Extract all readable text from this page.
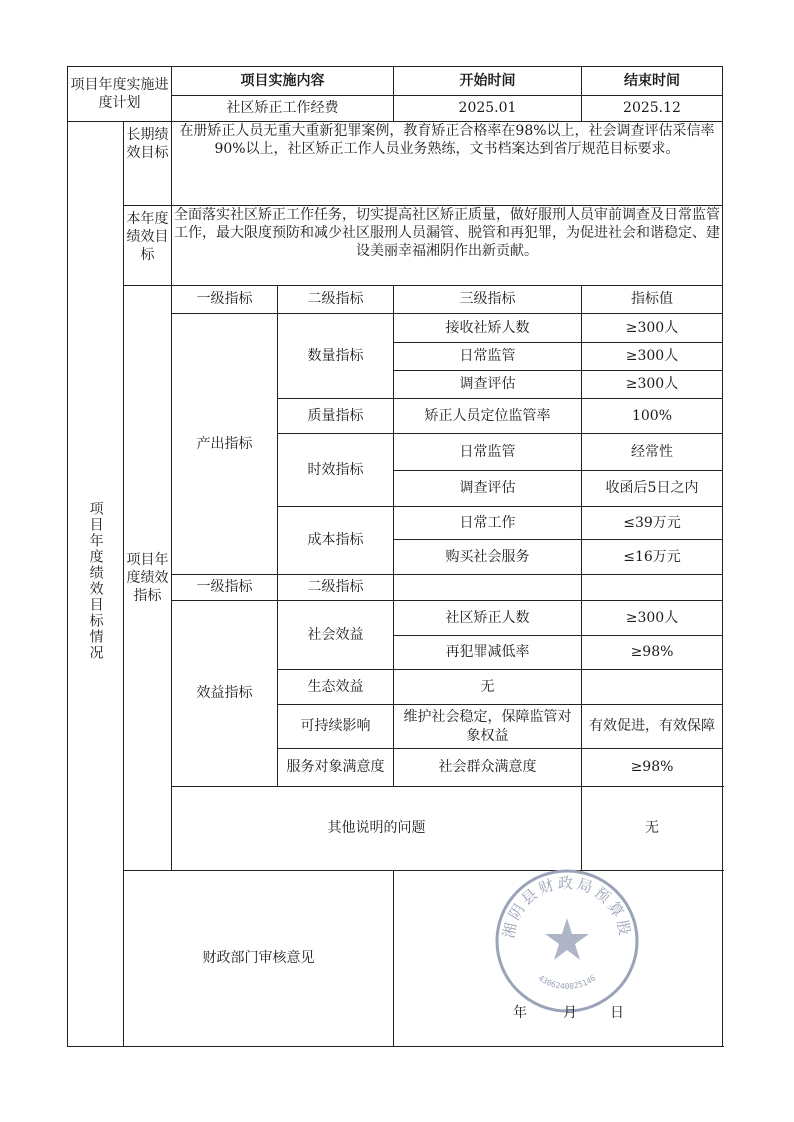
项目年度实施进度计划		项目实施内容		开始时间	结束时间
		社区矫正工作经费		2025.01	2025.12
项目年度绩效目标情况	长期绩效目标	在册矫正人员无重大重新犯罪案例，教育矫正合格率在98%以上，社会调查评估采信率90%以上，社区矫正工作人员业务熟练，文书档案达到省厅规范目标要求。			
	本年度绩效目标	全面落实社区矫正工作任务，切实提高社区矫正质量，做好服刑人员审前调查及日常监管工作，最大限度预防和减少社区服刑人员漏管、脱管和再犯罪，为促进社会和谐稳定、建设美丽幸福湘阴作出新贡献。			
	项目年度绩效指标	一级指标	二级指标	三级指标	指标值
		产出指标	数量指标	接收社矫人数	≥300人
				日常监管	≥300人
				调查评估	≥300人
			质量指标	矫正人员定位监管率	100%
			时效指标	日常监管	经常性
				调查评估	收函后5日之内
			成本指标	日常工作	≤39万元
				购买社会服务	≤16万元
		一级指标	二级指标		
		效益指标	社会效益	社区矫正人数	≥300人
				再犯罪减低率	≥98%
			生态效益	无	
			可持续影响	维护社会稳定，保障监管对象权益	有效促进，有效保障
			服务对象满意度	社会群众满意度	≥98%
		其他说明的问题			无
	财政部门审核意见				
湘阴县财政局预算股
4306240025146
年	月 日
